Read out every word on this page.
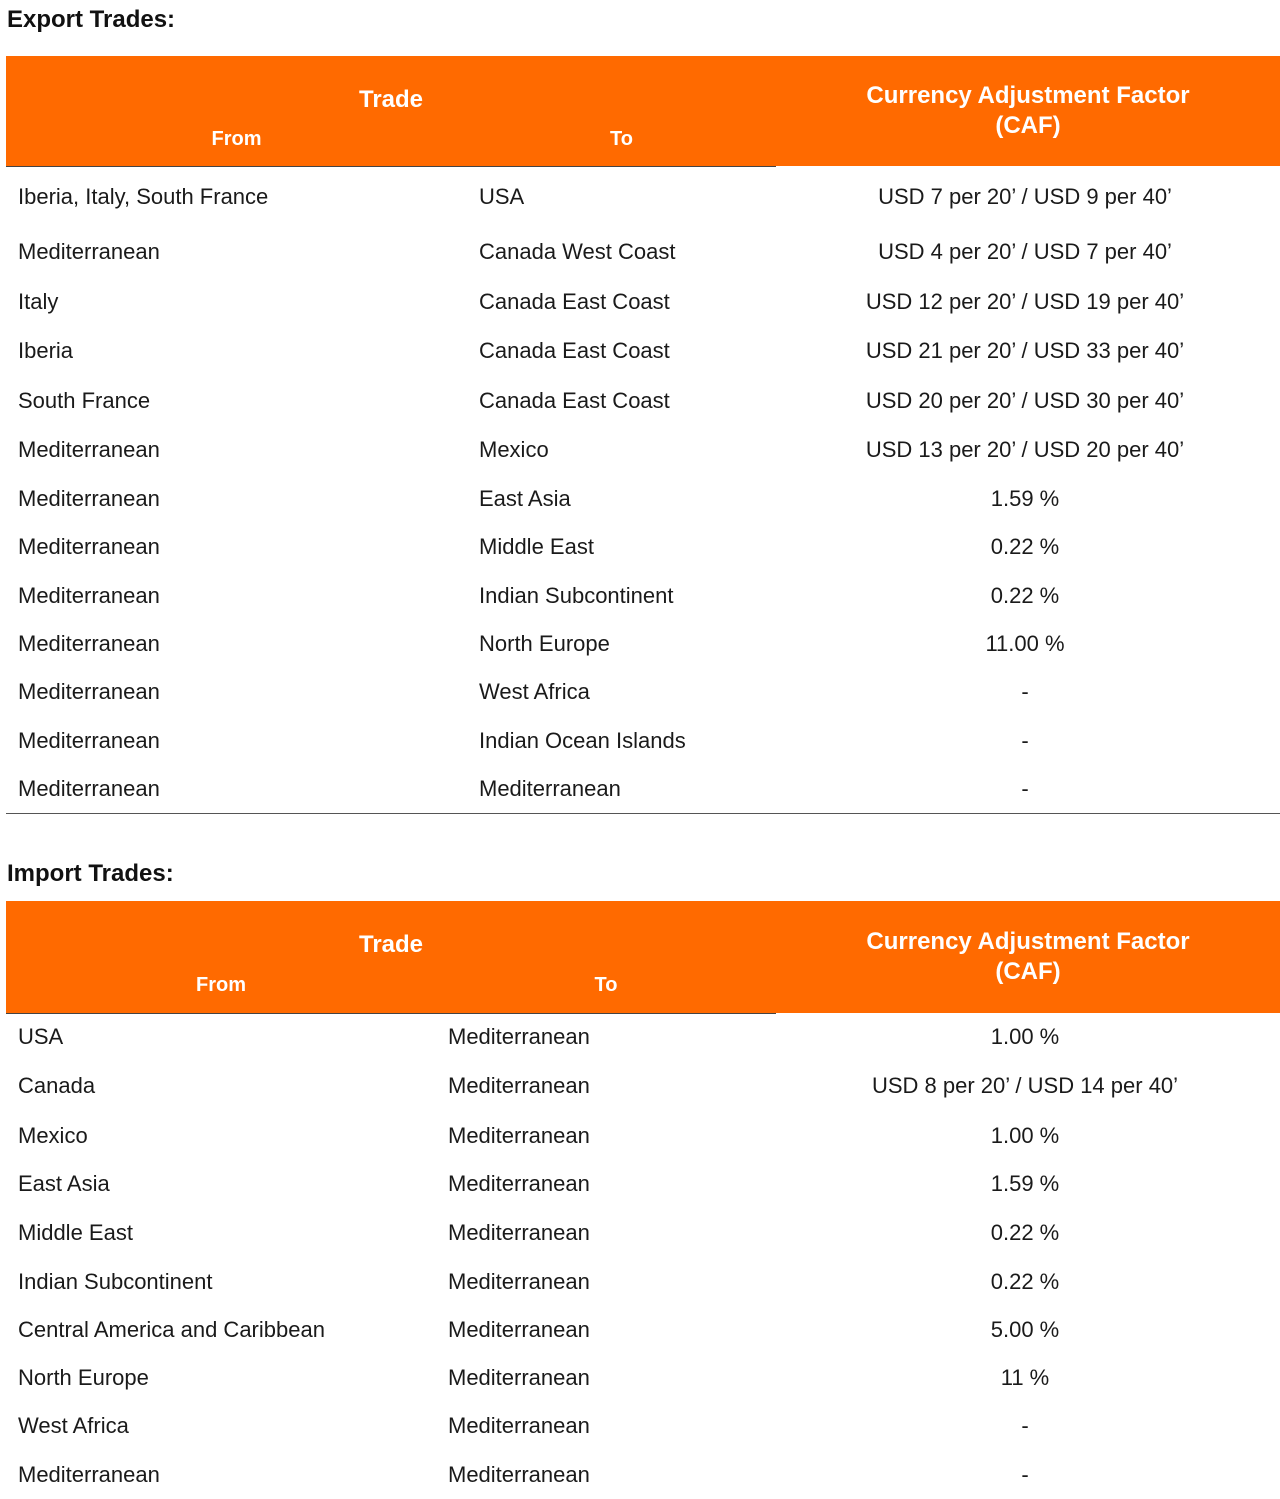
Export Trades:
Trade		Currency Adjustment Factor
(CAF)

From	To	
Iberia, Italy, South France	USA	USD 7 per 20’ / USD 9 per 40’
Mediterranean	Canada West Coast	USD 4 per 20’ / USD 7 per 40’
Italy	Canada East Coast	USD 12 per 20’ / USD 19 per 40’
Iberia	Canada East Coast	USD 21 per 20’ / USD 33 per 40’
South France	Canada East Coast	USD 20 per 20’ / USD 30 per 40’
Mediterranean	Mexico	USD 13 per 20’ / USD 20 per 40’
Mediterranean	East Asia	1.59 %
Mediterranean	Middle East	0.22 %
Mediterranean	Indian Subcontinent	0.22 %
Mediterranean	North Europe	11.00 %
Mediterranean	West Africa	-
Mediterranean	Indian Ocean Islands	-
Mediterranean	Mediterranean	-
Import Trades:
Trade		Currency Adjustment Factor
(CAF)

From	To	
USA	Mediterranean	1.00 %
Canada	Mediterranean	USD 8 per 20’ / USD 14 per 40’
Mexico	Mediterranean	1.00 %
East Asia	Mediterranean	1.59 %
Middle East	Mediterranean	0.22 %
Indian Subcontinent	Mediterranean	0.22 %
Central America and Caribbean	Mediterranean	5.00 %
North Europe	Mediterranean	11 %
West Africa	Mediterranean	-
Mediterranean	Mediterranean	-
